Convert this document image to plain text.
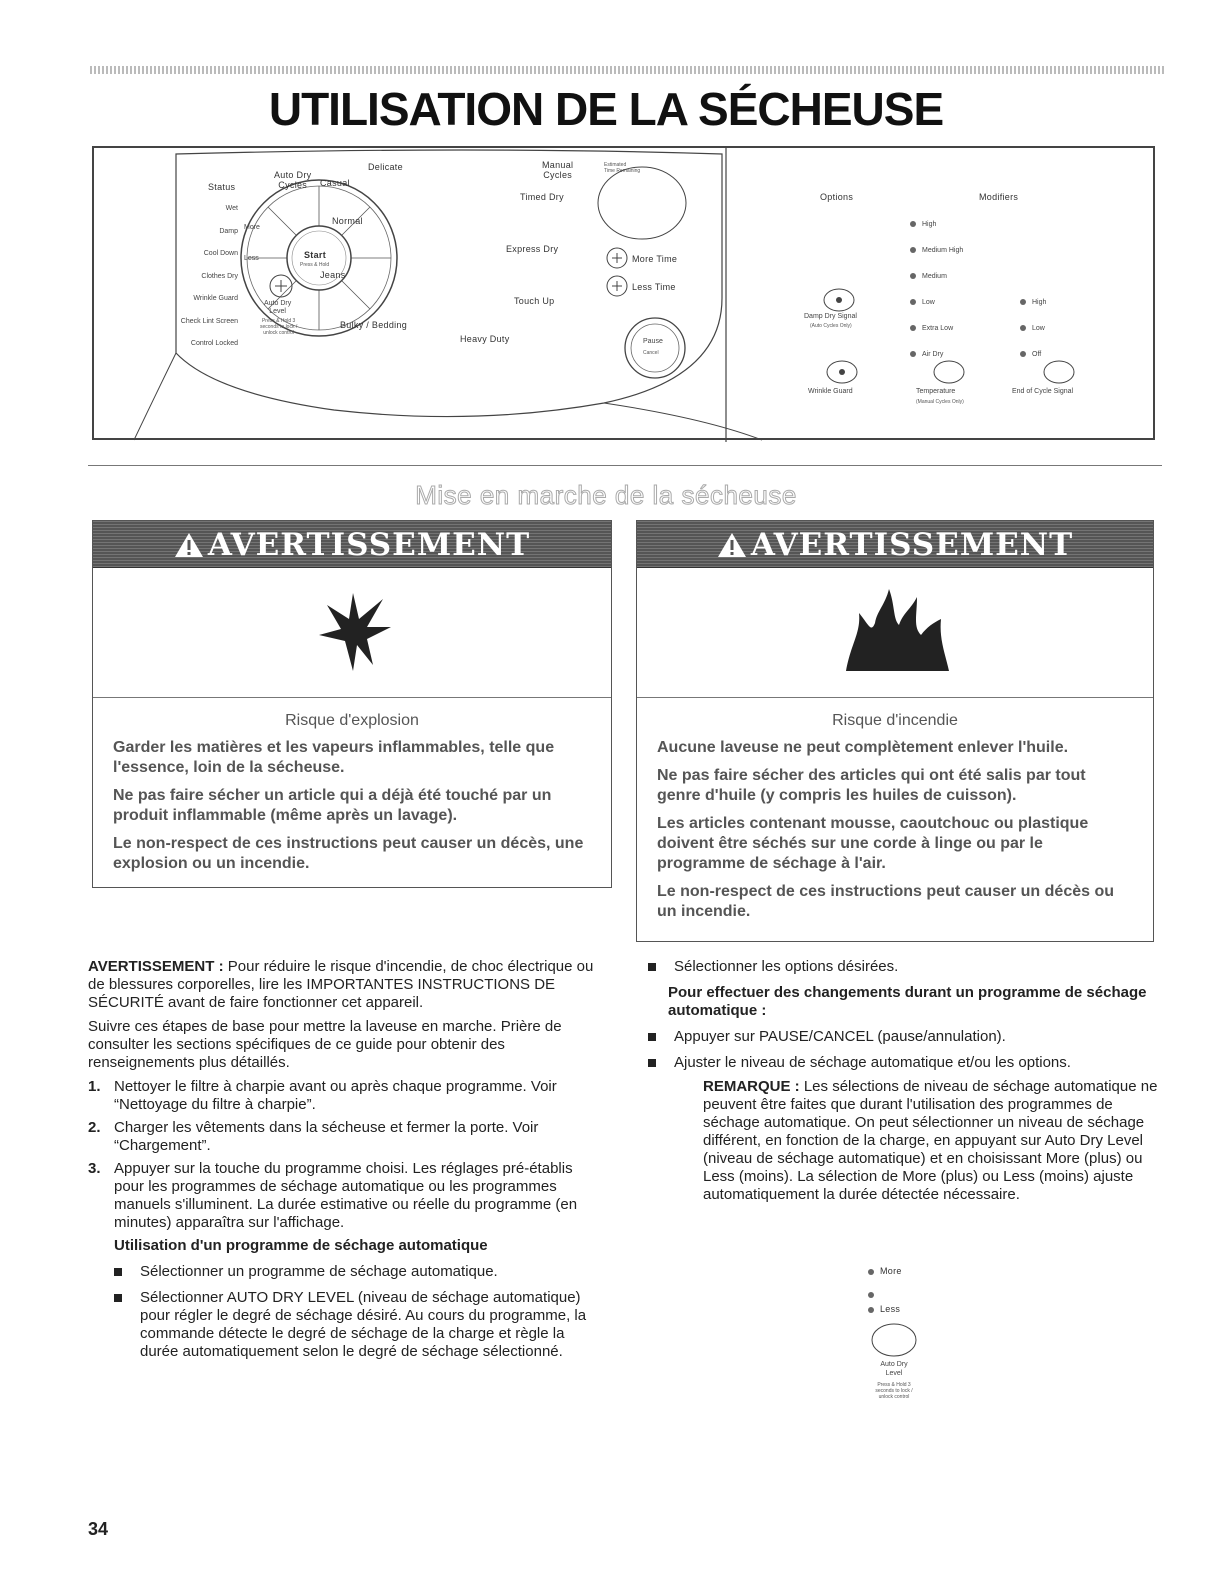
UTILISATION DE LA SÉCHEUSE
Status
Wet
Damp
Cool Down
Clothes Dry
Wrinkle Guard
Check Lint Screen
Control Locked
Auto Dry
Cycles
More
Less
Auto Dry
Level
Press & Hold 3
seconds to lock /
unlock control
Casual
Delicate
Normal
Jeans
Bulky / Bedding
Heavy Duty
Touch Up
Express Dry
Timed Dry
Start
Press & Hold
Manual
Cycles
Estimated
Time Remaining
More Time
Less Time
Pause
Cancel
Options	Modifiers
High
Medium High
Medium
Low
Extra Low
Air Dry
High
Low
Off
Damp Dry Signal
(Auto Cycles Only)
Wrinkle Guard	Temperature
(Manual Cycles Only)
End of Cycle Signal
Mise en marche de la sécheuse
AVERTISSEMENT
Risque d'explosion
Garder les matières et les vapeurs inflammables, telle que l'essence, loin de la sécheuse.
Ne pas faire sécher un article qui a déjà été touché par un produit inflammable (même après un lavage).
Le non-respect de ces instructions peut causer un décès, une explosion ou un incendie.
AVERTISSEMENT
Risque d'incendie
Aucune laveuse ne peut complètement enlever l'huile.
Ne pas faire sécher des articles qui ont été salis par tout genre d'huile (y compris les huiles de cuisson).
Les articles contenant mousse, caoutchouc ou plastique doivent être séchés sur une corde à linge ou par le programme de séchage à l'air.
Le non-respect de ces instructions peut causer un décès ou un incendie.

AVERTISSEMENT : Pour réduire le risque d'incendie, de choc électrique ou de blessures corporelles, lire les IMPORTANTES INSTRUCTIONS DE SÉCURITÉ avant de faire fonctionner cet appareil.

Suivre ces étapes de base pour mettre la laveuse en marche. Prière de consulter les sections spécifiques de ce guide pour obtenir des renseignements plus détaillés.

1. Nettoyer le filtre à charpie avant ou après chaque programme. Voir “Nettoyage du filtre à charpie”.
2. Charger les vêtements dans la sécheuse et fermer la porte. Voir “Chargement”.
3. Appuyer sur la touche du programme choisi. Les réglages pré-établis pour les programmes de séchage automatique ou les programmes manuels s'illuminent. La durée estimative ou réelle du programme (en minutes) apparaîtra sur l'affichage.
Utilisation d'un programme de séchage automatique
Sélectionner un programme de séchage automatique.
Sélectionner AUTO DRY LEVEL (niveau de séchage automatique) pour régler le degré de séchage désiré. Au cours du programme, la commande détecte le degré de séchage de la charge et règle la durée automatiquement selon le degré de séchage sélectionné.
Sélectionner les options désirées.
Pour effectuer des changements durant un programme de séchage automatique :
Appuyer sur PAUSE/CANCEL (pause/annulation).
Ajuster le niveau de séchage automatique et/ou les options.

REMARQUE : Les sélections de niveau de séchage automatique ne peuvent être faites que durant l'utilisation des programmes de séchage automatique. On peut sélectionner un niveau de séchage différent, en fonction de la charge, en appuyant sur Auto Dry Level (niveau de séchage automatique) et en choisissant More (plus) ou Less (moins). La sélection de More (plus) ou Less (moins) ajuste automatiquement la durée détectée nécessaire.

More
Less
Auto Dry
Level
Press & Hold 3
seconds to lock /
unlock control
34
